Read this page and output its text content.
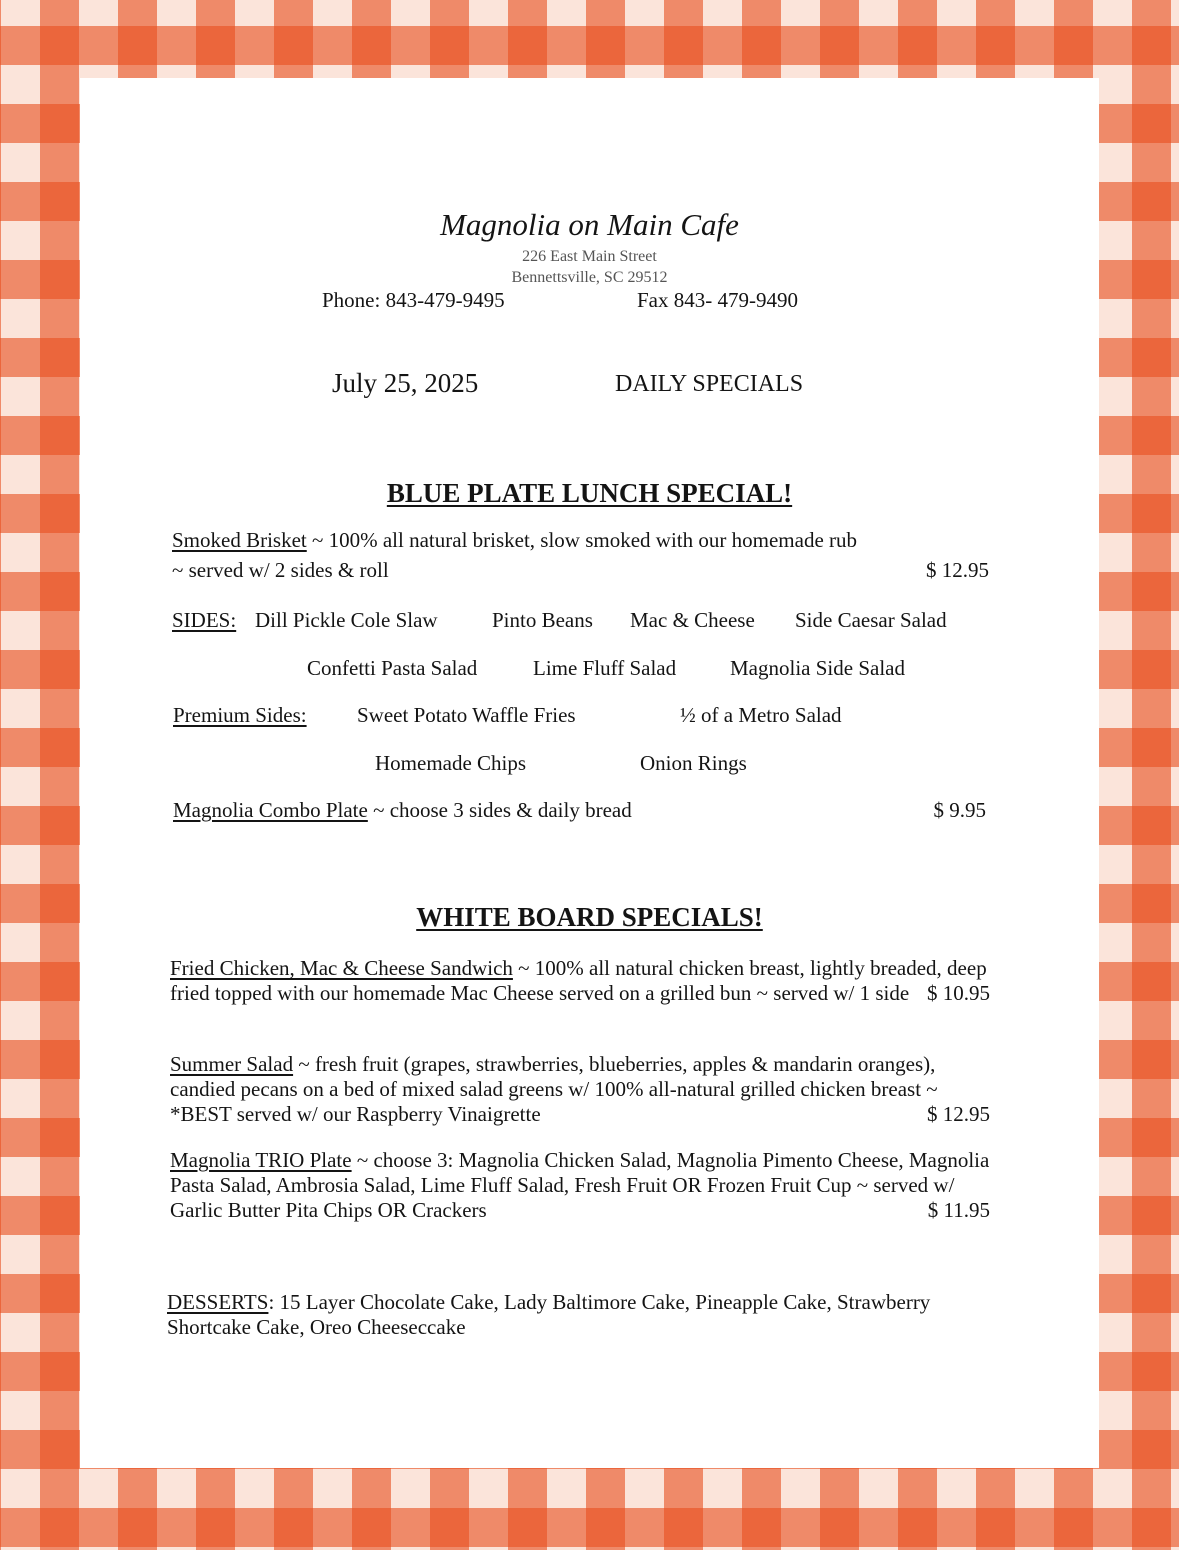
Magnolia on Main Cafe
226 East Main Street
Bennettsville, SC 29512
Phone: 843-479-9495	Fax 843- 479-9490
July 25, 2025	DAILY SPECIALS
BLUE PLATE LUNCH SPECIAL!
Smoked Brisket ~ 100% all natural brisket, slow smoked with our homemade rub
~ served w/ 2 sides & roll	$ 12.95
SIDES: Dill Pickle Cole Slaw	Pinto Beans Mac & Cheese Side Caesar Salad
Confetti Pasta Salad	Lime Fluff Salad	Magnolia Side Salad
Premium Sides: Sweet Potato Waffle Fries	½ of a Metro Salad
Homemade Chips	Onion Rings
Magnolia Combo Plate ~ choose 3 sides & daily bread	$ 9.95
WHITE BOARD SPECIALS!
Fried Chicken, Mac & Cheese Sandwich ~ 100% all natural chicken breast, lightly breaded, deep fried topped with our homemade Mac Cheese served on a grilled bun ~ served w/ 1 side $ 10.95
Summer Salad ~ fresh fruit (grapes, strawberries, blueberries, apples & mandarin oranges), candied pecans on a bed of mixed salad greens w/ 100% all-natural grilled chicken breast ~ *BEST served w/ our Raspberry Vinaigrette	$ 12.95
Magnolia TRIO Plate ~ choose 3: Magnolia Chicken Salad, Magnolia Pimento Cheese, Magnolia Pasta Salad, Ambrosia Salad, Lime Fluff Salad, Fresh Fruit OR Frozen Fruit Cup ~ served w/ Garlic Butter Pita Chips OR Crackers	$ 11.95
DESSERTS: 15 Layer Chocolate Cake, Lady Baltimore Cake, Pineapple Cake, Strawberry Shortcake Cake, Oreo Cheeseccake
